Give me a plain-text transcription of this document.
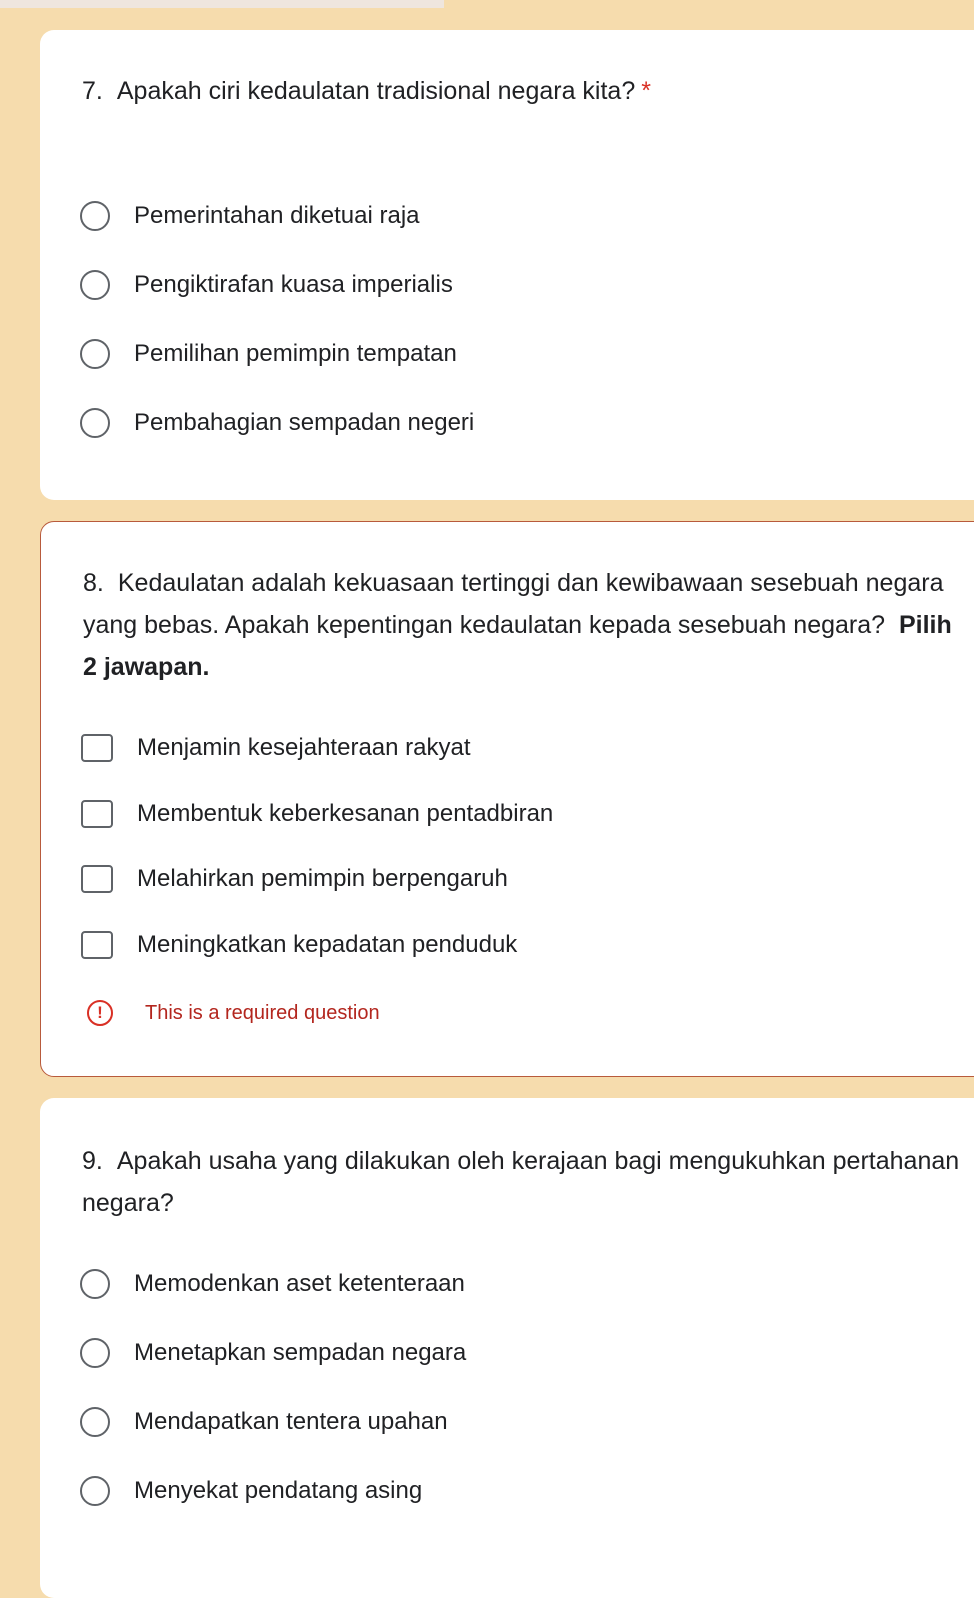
7. Apakah ciri kedaulatan tradisional negara kita? *

Pemerintahan diketuai raja
Pengiktirafan kuasa imperialis
Pemilihan pemimpin tempatan
Pembahagian sempadan negeri

8. Kedaulatan adalah kekuasaan tertinggi dan kewibawaan sesebuah negara yang bebas. Apakah kepentingan kedaulatan kepada sesebuah negara? Pilih 2 jawapan.

Menjamin kesejahteraan rakyat
Membentuk keberkesanan pentadbiran
Melahirkan pemimpin berpengaruh
Meningkatkan kepadatan penduduk
!	This is a required question

9. Apakah usaha yang dilakukan oleh kerajaan bagi mengukuhkan pertahanan negara?

Memodenkan aset ketenteraan
Menetapkan sempadan negara
Mendapatkan tentera upahan
Menyekat pendatang asing
